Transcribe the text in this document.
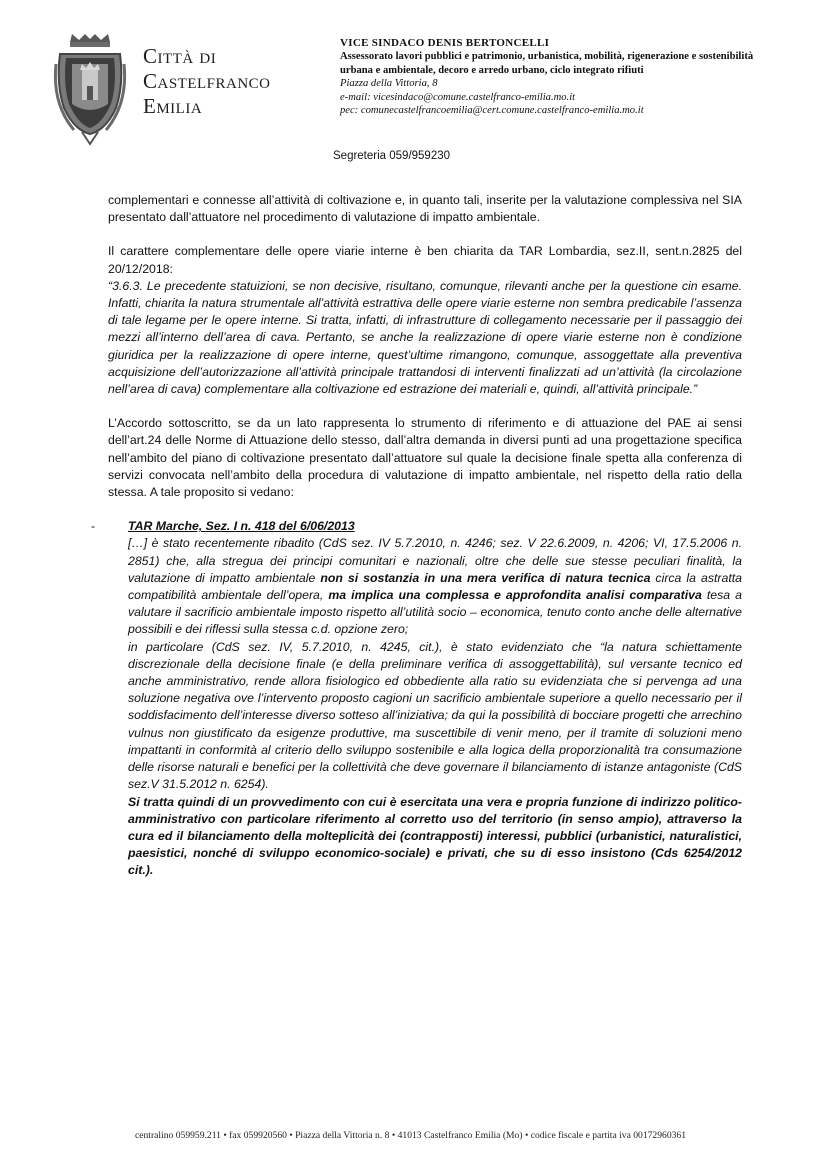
Città di
Castelfranco
Emilia
VICE SINDACO DENIS BERTONCELLI
Assessorato lavori pubblici e patrimonio, urbanistica, mobilità, rigenerazione e sostenibilità urbana e ambientale, decoro e arredo urbano, ciclo integrato rifiuti
Piazza della Vittoria, 8
e-mail: vicesindaco@comune.castelfranco-emilia.mo.it
pec: comunecastelfrancoemilia@cert.comune.castelfranco-emilia.mo.it
Segreteria 059/959230

complementari e connesse all’attività di coltivazione e, in quanto tali, inserite per la valutazione complessiva nel SIA presentato dall’attuatore nel procedimento di valutazione di impatto ambientale.

Il carattere complementare delle opere viarie interne è ben chiarita da TAR Lombardia, sez.II, sent.n.2825 del 20/12/2018:

“3.6.3. Le precedente statuizioni, se non decisive, risultano, comunque, rilevanti anche per la questione cin esame. Infatti, chiarita la natura strumentale all’attività estrattiva delle opere viarie esterne non sembra predicabile l’assenza di tale legame per le opere interne. Si tratta, infatti, di infrastrutture di collegamento necessarie per il passaggio dei mezzi all’interno dell’area di cava. Pertanto, se anche la realizzazione di opere viarie esterne non è condizione giuridica per la realizzazione di opere interne, quest’ultime rimangono, comunque, assoggettate alla preventiva acquisizione dell’autorizzazione all’attività principale trattandosi di interventi finalizzati ad un’attività (la circolazione nell’area di cava) complementare alla coltivazione ed estrazione dei materiali e, quindi, all’attività principale.”

L’Accordo sottoscritto, se da un lato rappresenta lo strumento di riferimento e di attuazione del PAE ai sensi dell’art.24 delle Norme di Attuazione dello stesso, dall’altra demanda in diversi punti ad una progettazione specifica nell’ambito del piano di coltivazione presentato dall’attuatore sul quale la decisione finale spetta alla conferenza di servizi convocata nell’ambito della procedura di valutazione di impatto ambientale, nel rispetto della ratio della stessa. A tale proposito si vedano:

-	TAR Marche, Sez. I n. 418 del 6/06/2013

[…] è stato recentemente ribadito (CdS sez. IV 5.7.2010, n. 4246; sez. V 22.6.2009, n. 4206; VI, 17.5.2006 n. 2851) che, alla stregua dei principi comunitari e nazionali, oltre che delle sue stesse peculiari finalità, la valutazione di impatto ambientale non si sostanzia in una mera verifica di natura tecnica circa la astratta compatibilità ambientale dell’opera, ma implica una complessa e approfondita analisi comparativa tesa a valutare il sacrificio ambientale imposto rispetto all’utilità socio – economica, tenuto conto anche delle alternative possibili e dei riflessi sulla stessa c.d. opzione zero;

in particolare (CdS sez. IV, 5.7.2010, n. 4245, cit.), è stato evidenziato che “la natura schiettamente discrezionale della decisione finale (e della preliminare verifica di assoggettabilità), sul versante tecnico ed anche amministrativo, rende allora fisiologico ed obbediente alla ratio su evidenziata che si pervenga ad una soluzione negativa ove l’intervento proposto cagioni un sacrificio ambientale superiore a quello necessario per il soddisfacimento dell’interesse diverso sotteso all’iniziativa; da qui la possibilità di bocciare progetti che arrechino vulnus non giustificato da esigenze produttive, ma suscettibile di venir meno, per il tramite di soluzioni meno impattanti in conformità al criterio dello sviluppo sostenibile e alla logica della proporzionalità tra consumazione delle risorse naturali e benefici per la collettività che deve governare il bilanciamento di istanze antagoniste (CdS sez.V 31.5.2012 n. 6254).

Si tratta quindi di un provvedimento con cui è esercitata una vera e propria funzione di indirizzo politico-amministrativo con particolare riferimento al corretto uso del territorio (in senso ampio), attraverso la cura ed il bilanciamento della molteplicità dei (contrapposti) interessi, pubblici (urbanistici, naturalistici, paesistici, nonché di sviluppo economico-sociale) e privati, che su di esso insistono (Cds 6254/2012 cit.).

centralino 059959.211 • fax 059920560 • Piazza della Vittoria n. 8 • 41013 Castelfranco Emilia (Mo) • codice fiscale e partita iva 00172960361
